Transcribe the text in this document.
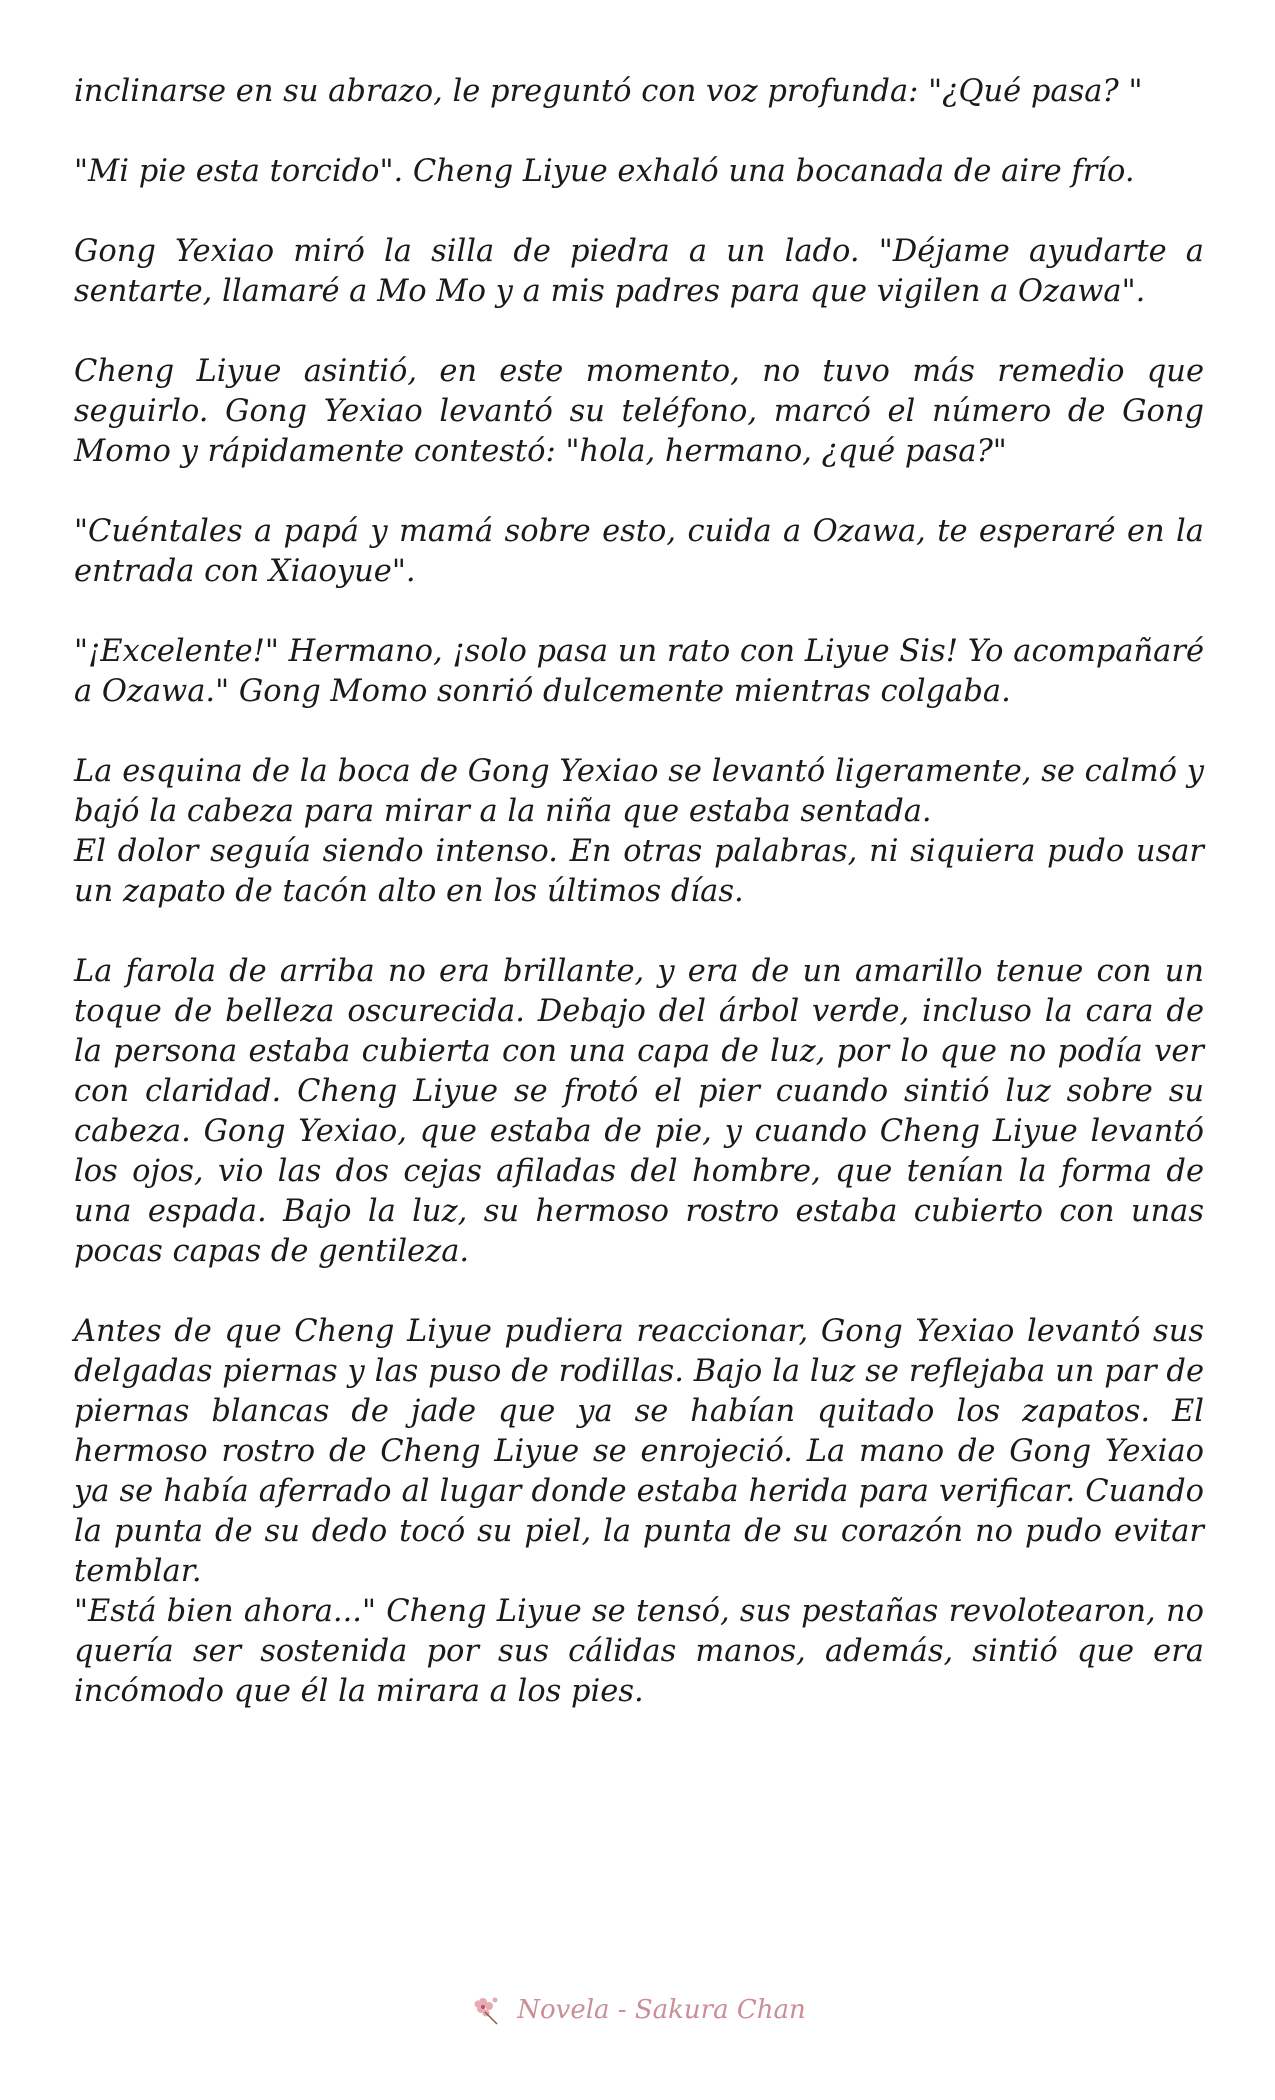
inclinarse en su abrazo, le preguntó con voz profunda: "¿Qué pasa? "

"Mi pie esta torcido". Cheng Liyue exhaló una bocanada de aire frío.

Gong Yexiao miró la silla de piedra a un lado. "Déjame ayudarte a sentarte, llamaré a Mo Mo y a mis padres para que vigilen a Ozawa".

Cheng Liyue asintió, en este momento, no tuvo más remedio que seguirlo. Gong Yexiao levantó su teléfono, marcó el número de Gong Momo y rápidamente contestó: "hola, hermano, ¿qué pasa?"

"Cuéntales a papá y mamá sobre esto, cuida a Ozawa, te esperaré en la entrada con Xiaoyue".

"¡Excelente!" Hermano, ¡solo pasa un rato con Liyue Sis! Yo acompañaré a Ozawa." Gong Momo sonrió dulcemente mientras colgaba.

La esquina de la boca de Gong Yexiao se levantó ligeramente, se calmó y bajó la cabeza para mirar a la niña que estaba sentada.

El dolor seguía siendo intenso. En otras palabras, ni siquiera pudo usar un zapato de tacón alto en los últimos días.

La farola de arriba no era brillante, y era de un amarillo tenue con un toque de belleza oscurecida. Debajo del árbol verde, incluso la cara de la persona estaba cubierta con una capa de luz, por lo que no podía ver con claridad. Cheng Liyue se frotó el pier cuando sintió luz sobre su cabeza. Gong Yexiao, que estaba de pie, y cuando Cheng Liyue levantó los ojos, vio las dos cejas afiladas del hombre, que tenían la forma de una espada. Bajo la luz, su hermoso rostro estaba cubierto con unas pocas capas de gentileza.

Antes de que Cheng Liyue pudiera reaccionar, Gong Yexiao levantó sus delgadas piernas y las puso de rodillas. Bajo la luz se reflejaba un par de piernas blancas de jade que ya se habían quitado los zapatos. El hermoso rostro de Cheng Liyue se enrojeció. La mano de Gong Yexiao ya se había aferrado al lugar donde estaba herida para verificar. Cuando la punta de su dedo tocó su piel, la punta de su corazón no pudo evitar temblar.

"Está bien ahora..." Cheng Liyue se tensó, sus pestañas revolotearon, no quería ser sostenida por sus cálidas manos, además, sintió que era incómodo que él la mirara a los pies.

Novela - Sakura Chan
